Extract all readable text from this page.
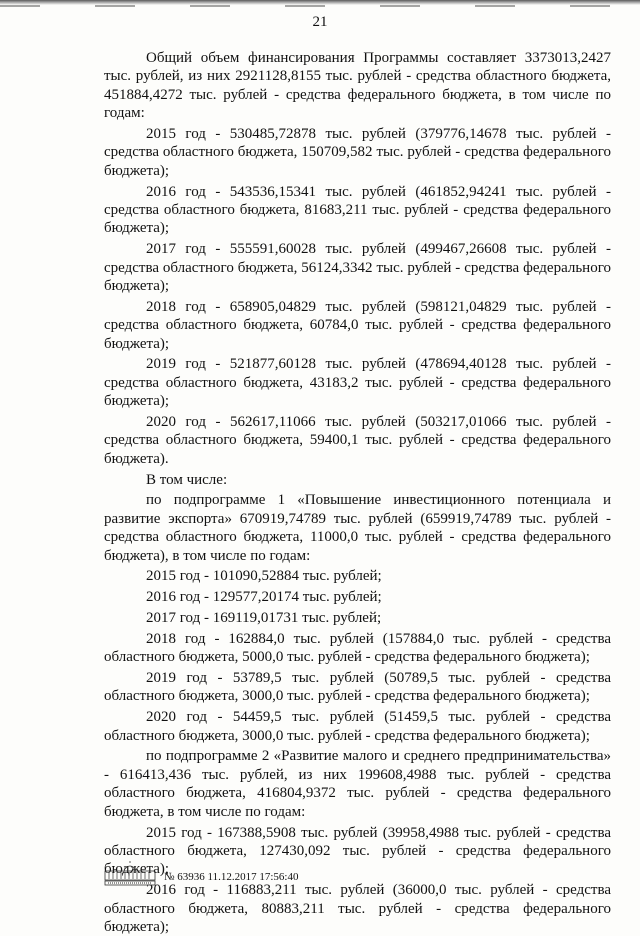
21

Общий объем финансирования Программы составляет 3373013,2427 тыс. рублей, из них 2921128,8155 тыс. рублей - средства областного бюджета, 451884,4272 тыс. рублей - средства федерального бюджета, в том числе по годам:

2015 год - 530485,72878 тыс. рублей (379776,14678 тыс. рублей - средства областного бюджета, 150709,582 тыс. рублей - средства федерального бюджета);

2016 год - 543536,15341 тыс. рублей (461852,94241 тыс. рублей - средства областного бюджета, 81683,211 тыс. рублей - средства федерального бюджета);

2017 год - 555591,60028 тыс. рублей (499467,26608 тыс. рублей - средства областного бюджета, 56124,3342 тыс. рублей - средства федерального бюджета);

2018 год - 658905,04829 тыс. рублей (598121,04829 тыс. рублей - средства областного бюджета, 60784,0 тыс. рублей - средства федерального бюджета);

2019 год - 521877,60128 тыс. рублей (478694,40128 тыс. рублей - средства областного бюджета, 43183,2 тыс. рублей - средства федерального бюджета);

2020 год - 562617,11066 тыс. рублей (503217,01066 тыс. рублей - средства областного бюджета, 59400,1 тыс. рублей - средства федерального бюджета).

В том числе:

по подпрограмме 1 «Повышение инвестиционного потенциала и развитие экспорта» 670919,74789 тыс. рублей (659919,74789 тыс. рублей - средства областного бюджета, 11000,0 тыс. рублей - средства федерального бюджета), в том числе по годам:

2015 год - 101090,52884 тыс. рублей;

2016 год - 129577,20174 тыс. рублей;

2017 год - 169119,01731 тыс. рублей;

2018 год - 162884,0 тыс. рублей (157884,0 тыс. рублей - средства областного бюджета, 5000,0 тыс. рублей - средства федерального бюджета);

2019 год - 53789,5 тыс. рублей (50789,5 тыс. рублей - средства областного бюджета, 3000,0 тыс. рублей - средства федерального бюджета);

2020 год - 54459,5 тыс. рублей (51459,5 тыс. рублей - средства областного бюджета, 3000,0 тыс. рублей - средства федерального бюджета);

по подпрограмме 2 «Развитие малого и среднего предпринимательства» - 616413,436 тыс. рублей, из них 199608,4988 тыс. рублей - средства областного бюджета, 416804,9372 тыс. рублей - средства федерального бюджета, в том числе по годам:

2015 год - 167388,5908 тыс. рублей (39958,4988 тыс. рублей - средства областного бюджета, 127430,092 тыс. рублей - средства федерального бюджета);

2016 год - 116883,211 тыс. рублей (36000,0 тыс. рублей - средства областного бюджета, 80883,211 тыс. рублей - средства федерального бюджета);

№ 63936 11.12.2017 17:56:40
